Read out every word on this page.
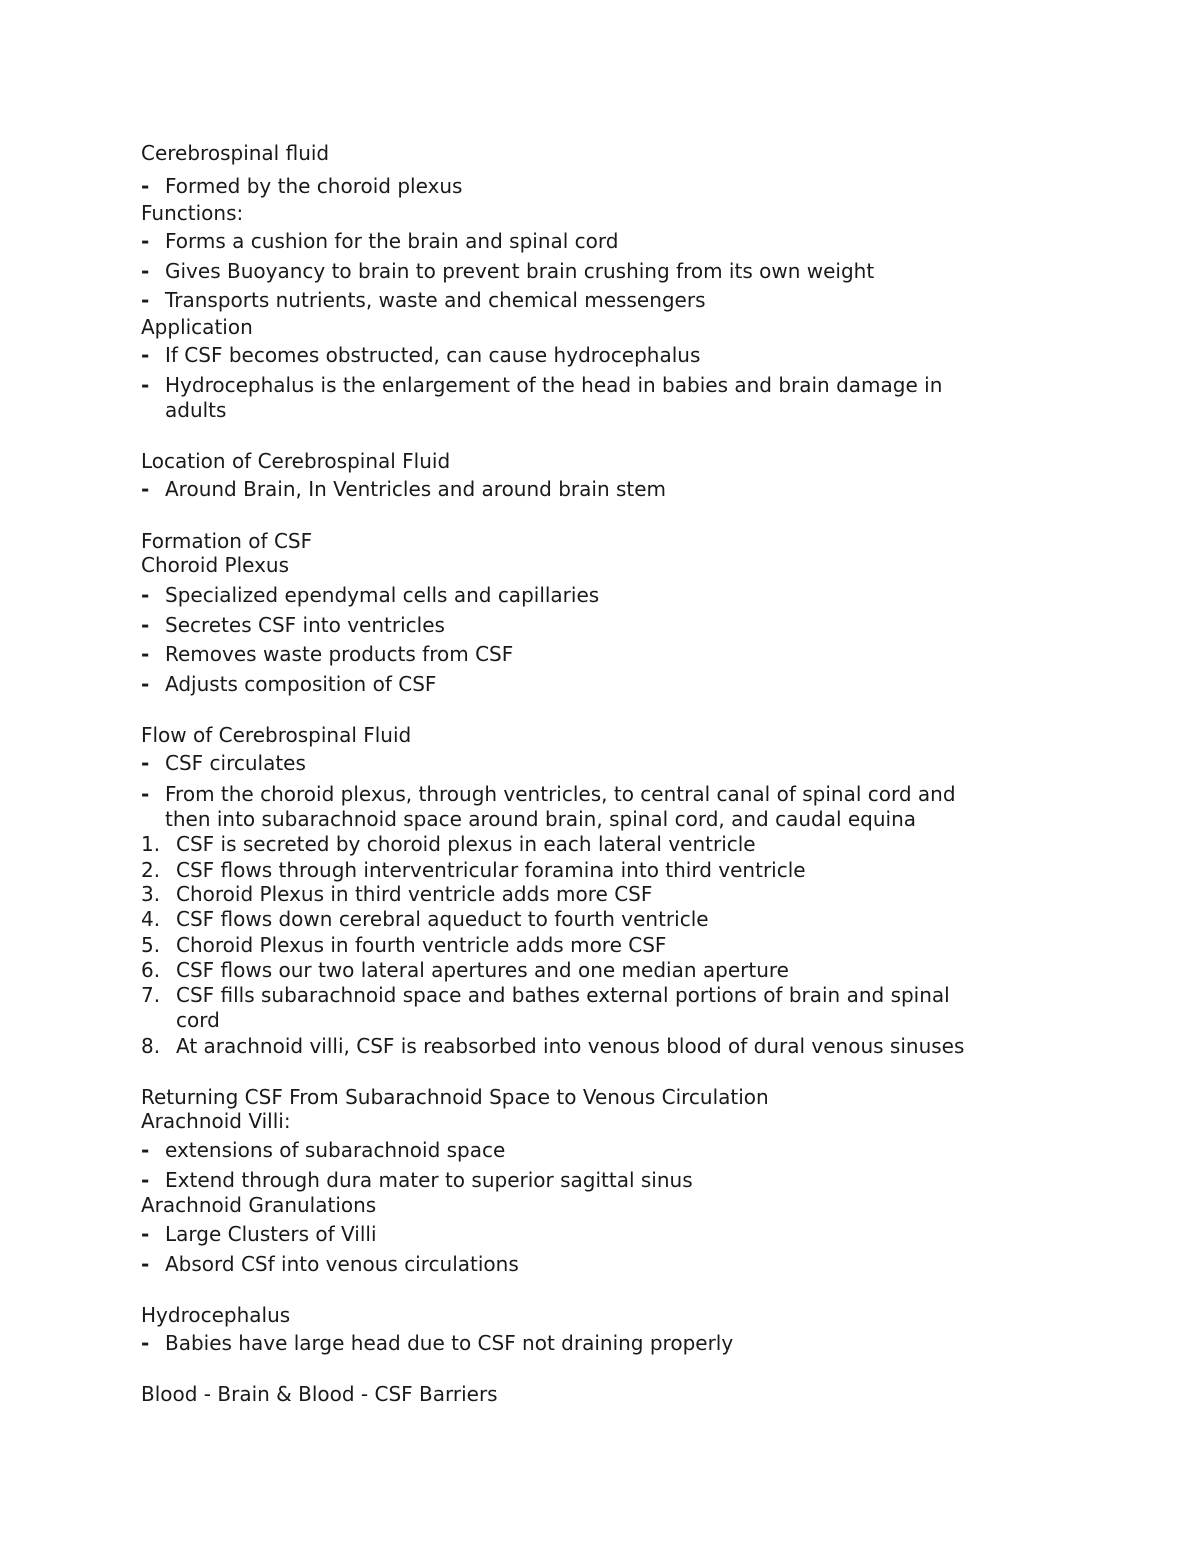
Cerebrospinal fluid
- Formed by the choroid plexus
Functions:
- Forms a cushion for the brain and spinal cord
- Gives Buoyancy to brain to prevent brain crushing from its own weight
- Transports nutrients, waste and chemical messengers
Application
- If CSF becomes obstructed, can cause hydrocephalus
- Hydrocephalus is the enlargement of the head in babies and brain damage in
adults
Location of Cerebrospinal Fluid
- Around Brain, In Ventricles and around brain stem
Formation of CSF
Choroid Plexus
- Specialized ependymal cells and capillaries
- Secretes CSF into ventricles
- Removes waste products from CSF
- Adjusts composition of CSF
Flow of Cerebrospinal Fluid
- CSF circulates
- From the choroid plexus, through ventricles, to central canal of spinal cord and
then into subarachnoid space around brain, spinal cord, and caudal equina
1. CSF is secreted by choroid plexus in each lateral ventricle
2. CSF flows through interventricular foramina into third ventricle
3. Choroid Plexus in third ventricle adds more CSF
4. CSF flows down cerebral aqueduct to fourth ventricle
5. Choroid Plexus in fourth ventricle adds more CSF
6. CSF flows our two lateral apertures and one median aperture
7. CSF fills subarachnoid space and bathes external portions of brain and spinal
cord
8. At arachnoid villi, CSF is reabsorbed into venous blood of dural venous sinuses
Returning CSF From Subarachnoid Space to Venous Circulation
Arachnoid Villi:
- extensions of subarachnoid space
- Extend through dura mater to superior sagittal sinus
Arachnoid Granulations
- Large Clusters of Villi
- Absord CSf into venous circulations
Hydrocephalus
- Babies have large head due to CSF not draining properly
Blood - Brain & Blood - CSF Barriers
